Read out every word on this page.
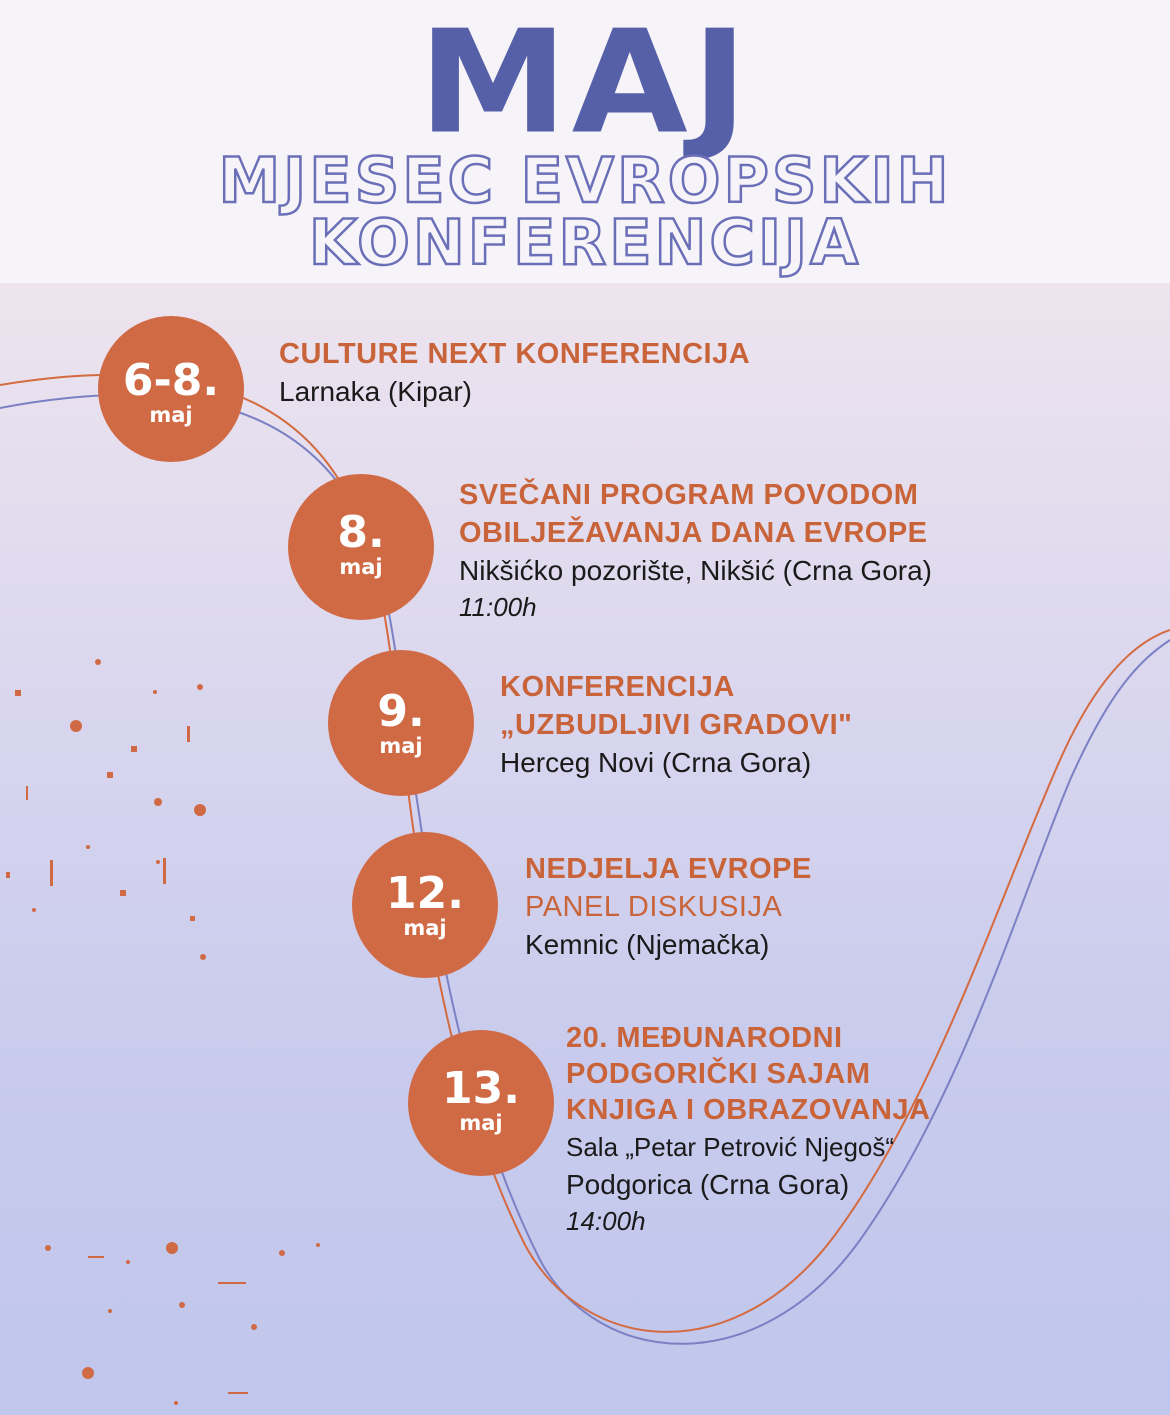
MAJ
MJESEC EVROPSKIH
KONFERENCIJA
6-8.
maj
CULTURE NEXT KONFERENCIJA
Larnaka (Kipar)
8.
maj
SVEČANI PROGRAM POVODOM
OBILJEŽAVANJA DANA EVROPE
Nikšićko pozorište, Nikšić (Crna Gora)
11:00h
9.
maj
KONFERENCIJA
„UZBUDLJIVI GRADOVI"
Herceg Novi (Crna Gora)
12.
maj
NEDJELJA EVROPE
PANEL DISKUSIJA
Kemnic (Njemačka)
13.
maj
20. MEĐUNARODNI
PODGORIČKI SAJAM
KNJIGA I OBRAZOVANJA
Sala „Petar Petrović Njegoš“
Podgorica (Crna Gora)
14:00h
